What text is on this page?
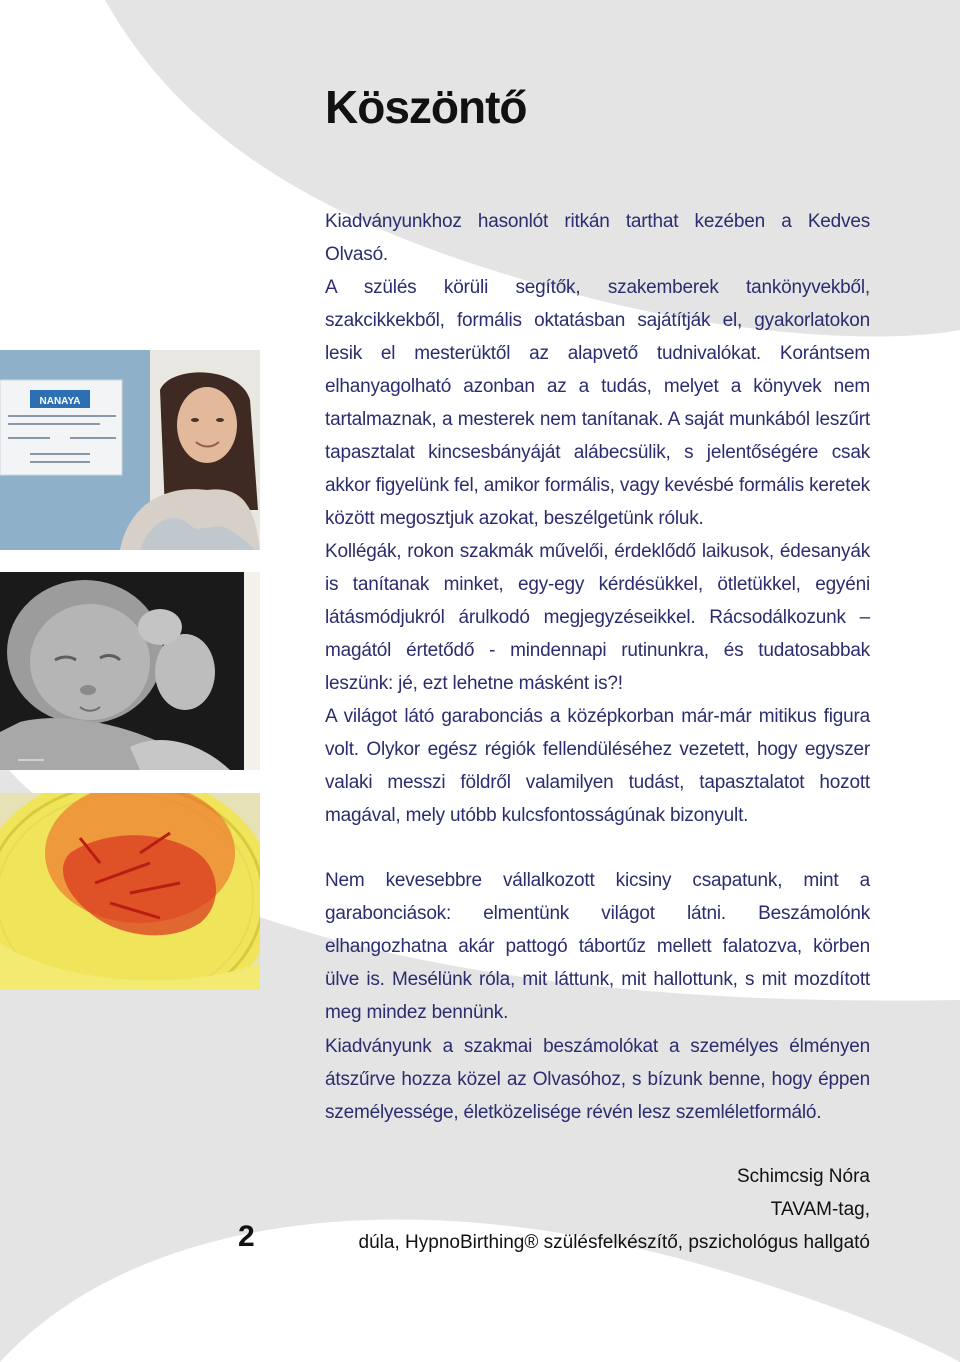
Köszöntő

Kiadványunkhoz hasonlót ritkán tarthat kezében a Kedves Olvasó.

A szülés körüli segítők, szakemberek tankönyvekből, szakcikkekből, formális oktatásban sajátítják el, gyakorlatokon lesik el mesterüktől az alapvető tudnivalókat. Korántsem elhanyagolható azonban az a tudás, melyet a könyvek nem tartalmaznak, a mesterek nem tanítanak. A saját munkából leszűrt tapasztalat kincsesbányáját alábecsülik, s jelentőségére csak akkor figyelünk fel, amikor formális, vagy kevésbé formális keretek között megosztjuk azokat, beszélgetünk róluk.

Kollégák, rokon szakmák művelői, érdeklődő laikusok, édesanyák is tanítanak minket, egy-egy kérdésükkel, ötletükkel, egyéni látásmódjukról árulkodó megjegyzéseikkel. Rácsodálkozunk – magától értetődő - mindennapi rutinunkra, és tudatosabbak leszünk: jé, ezt lehetne másként is?!

A világot látó garabonciás a középkorban már-már mitikus figura volt. Olykor egész régiók fellendüléséhez vezetett, hogy egyszer valaki messzi földről valamilyen tudást, tapasztalatot hozott magával, mely utóbb kulcsfontosságúnak bizonyult.

Nem kevesebbre vállalkozott kicsiny csapatunk, mint a garabonciások: elmentünk világot látni. Beszámolónk elhangozhatna akár pattogó tábortűz mellett falatozva, körben ülve is. Mesélünk róla, mit láttunk, mit hallottunk, s mit mozdított meg mindez bennünk.

Kiadványunk a szakmai beszámolókat a személyes élményen átszűrve hozza közel az Olvasóhoz, s bízunk benne, hogy éppen személyessége, életközelisége révén lesz szemléletformáló.

NANAYA
Schimcsig Nóra
TAVAM-tag,
dúla, HypnoBirthing® szülésfelkészítő, pszichológus hallgató
2
